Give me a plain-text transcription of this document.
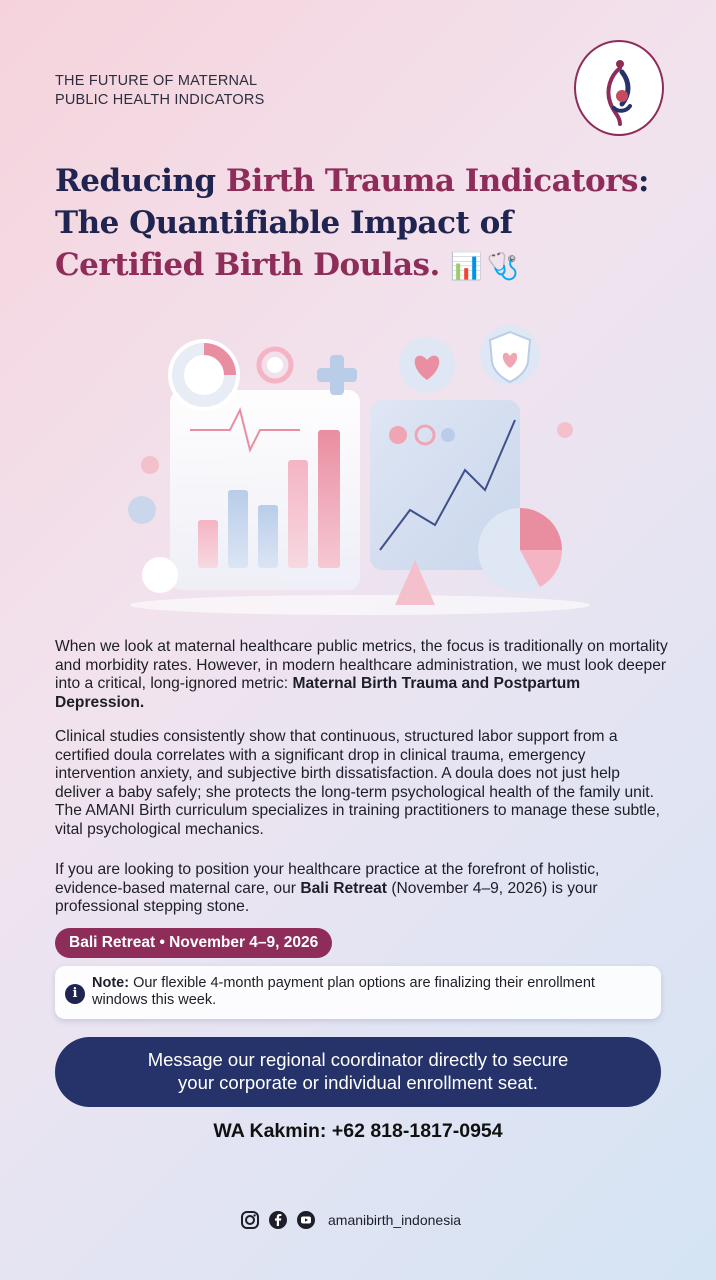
THE FUTURE OF MATERNAL
PUBLIC HEALTH INDICATORS
Reducing Birth Trauma Indicators:
The Quantifiable Impact of
Certified Birth Doulas. 📊🩺

When we look at maternal healthcare public metrics, the focus is traditionally on mortality and morbidity rates. However, in modern healthcare administration, we must look deeper into a critical, long-ignored metric: Maternal Birth Trauma and Postpartum Depression.

Clinical studies consistently show that continuous, structured labor support from a certified doula correlates with a significant drop in clinical trauma, emergency intervention anxiety, and subjective birth dissatisfaction. A doula does not just help deliver a baby safely; she protects the long-term psychological health of the family unit. The AMANI Birth curriculum specializes in training practitioners to manage these subtle, vital psychological mechanics.

If you are looking to position your healthcare practice at the forefront of holistic, evidence-based maternal care, our Bali Retreat (November 4–9, 2026) is your professional stepping stone.

Bali Retreat • November 4–9, 2026
i
Note: Our flexible 4-month payment plan options are finalizing their enrollment windows this week.
Message our regional coordinator directly to secure
your corporate or individual enrollment seat.
WA Kakmin: +62 818-1817-0954
amanibirth_indonesia
